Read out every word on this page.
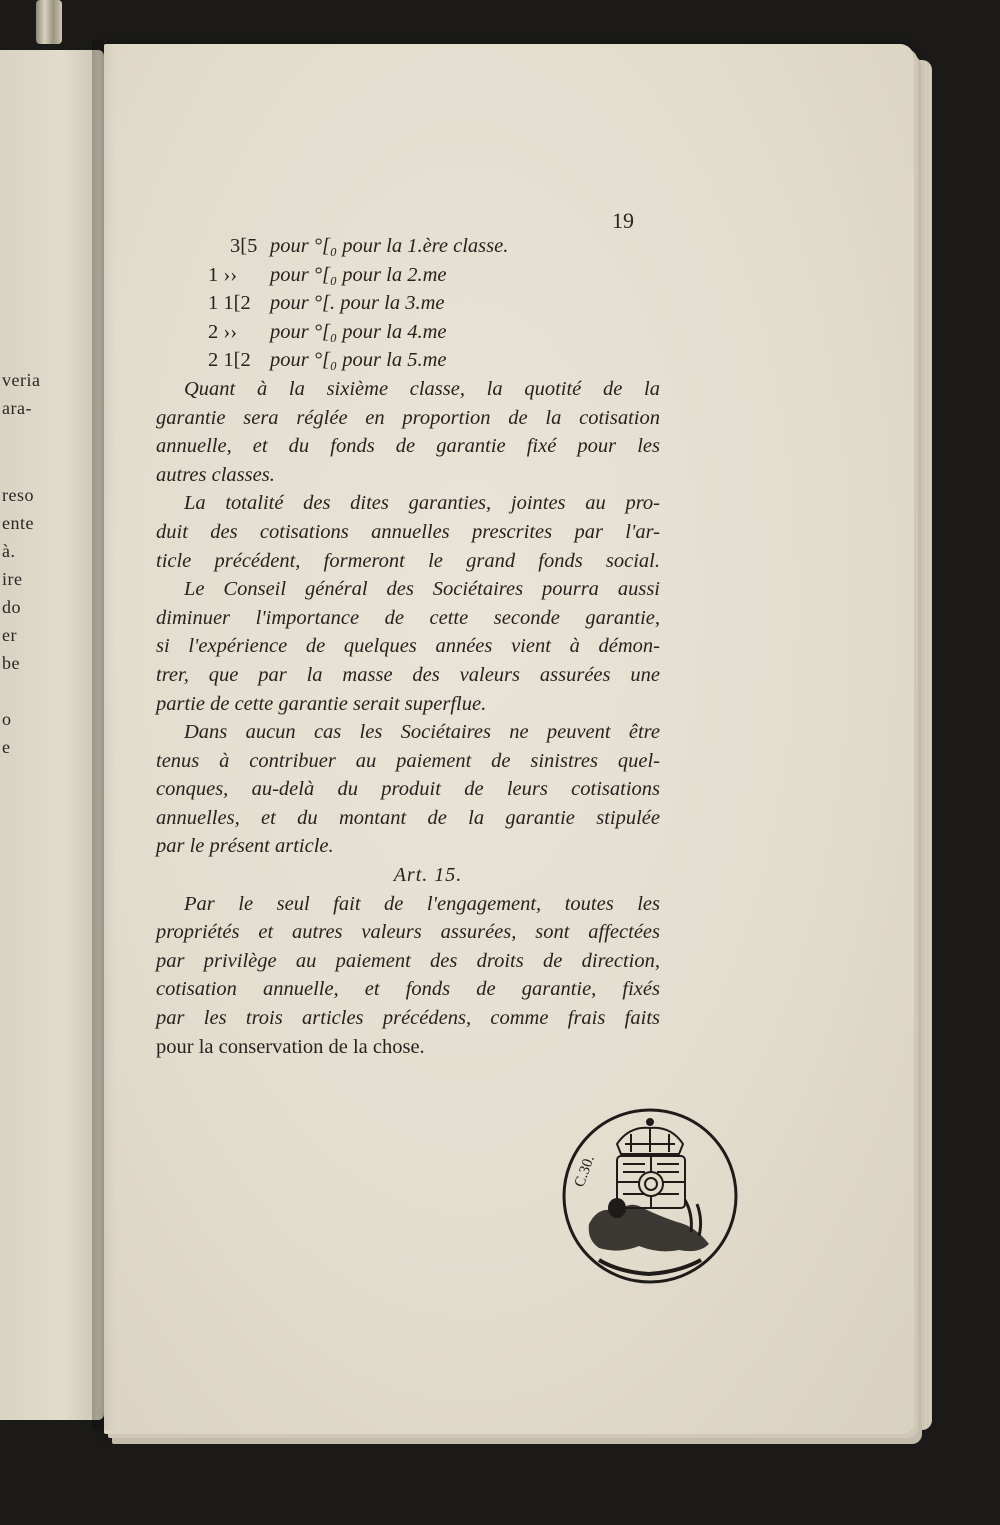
veria
ara-
reso
ente
à.
ire
do
er
be
o
e
19
3[5 pour °[₀ pour la 1.ère classe.
1 ›› pour °[₀ pour la 2.me
1 1[2 pour °[. pour la 3.me
2 ›› pour °[₀ pour la 4.me
2 1[2 pour °[₀ pour la 5.me
Quant à la sixième classe, la quotité de la
garantie sera réglée en proportion de la cotisation
annuelle, et du fonds de garantie fixé pour les
autres classes.
La totalité des dites garanties, jointes au pro-
duit des cotisations annuelles prescrites par l'ar-
ticle précédent, formeront le grand fonds social.
Le Conseil général des Sociétaires pourra aussi
diminuer l'importance de cette seconde garantie,
si l'expérience de quelques années vient à démon-
trer, que par la masse des valeurs assurées une
partie de cette garantie serait superflue.
Dans aucun cas les Sociétaires ne peuvent être
tenus à contribuer au paiement de sinistres quel-
conques, au-delà du produit de leurs cotisations
annuelles, et du montant de la garantie stipulée
par le présent article.
Art. 15.
Par le seul fait de l'engagement, toutes les
propriétés et autres valeurs assurées, sont affectées
par privilège au paiement des droits de direction,
cotisation annuelle, et fonds de garantie, fixés
par les trois articles précédens, comme frais faits
pour la conservation de la chose.
C.30.
